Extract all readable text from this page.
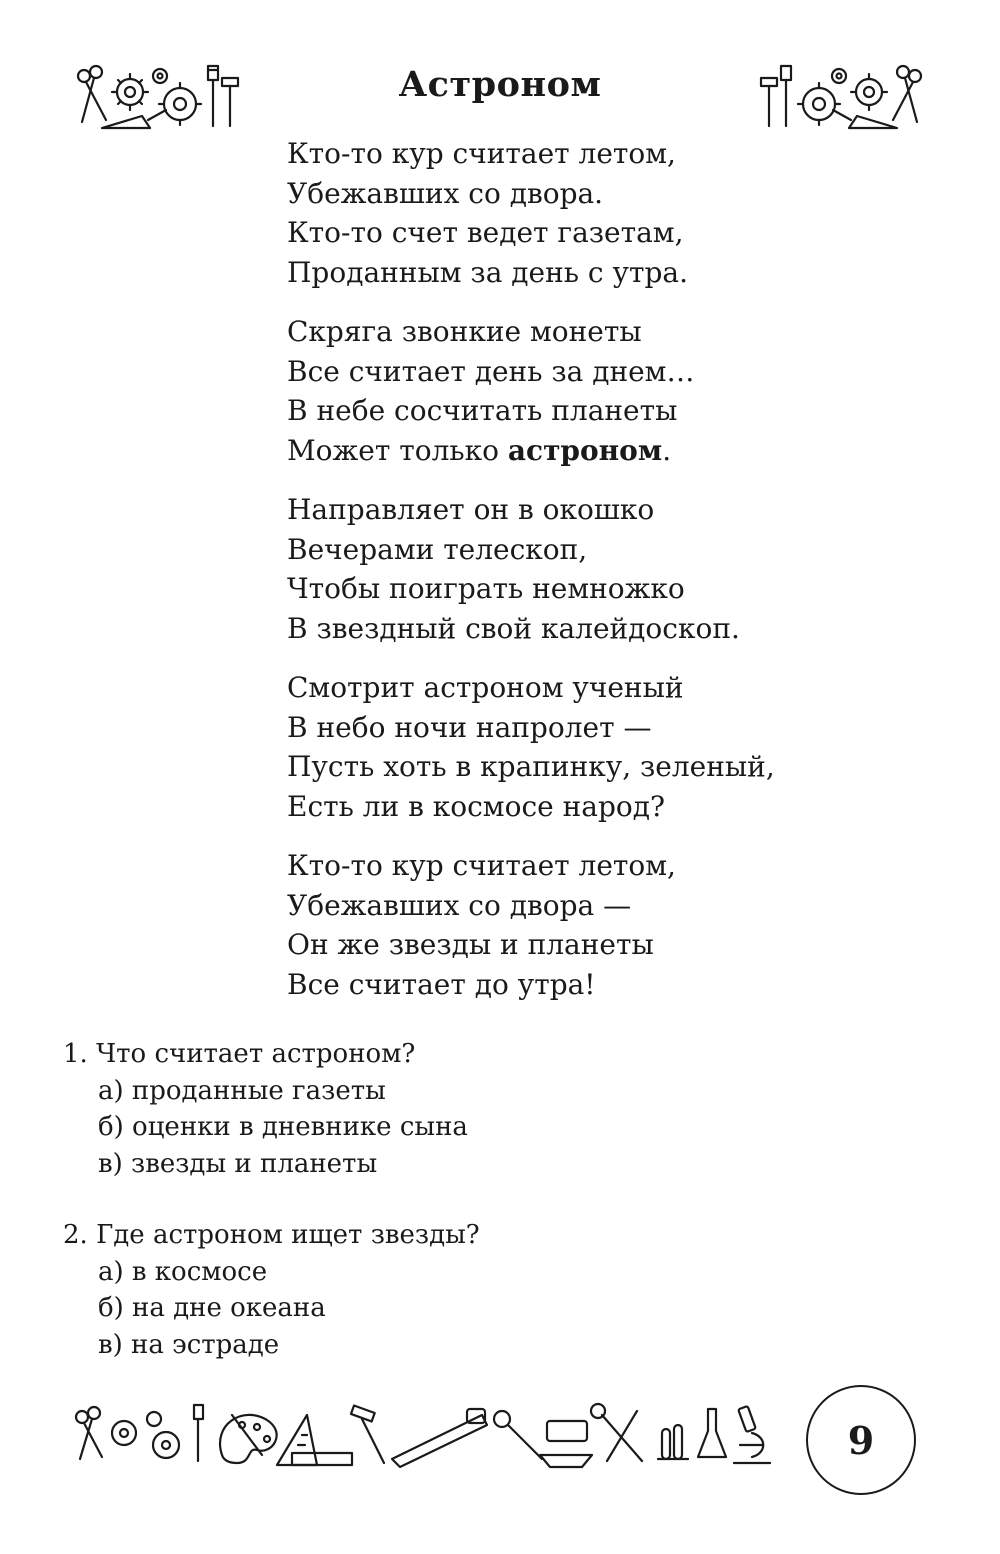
Астроном
Кто-то кур считает летом,
Убежавших со двора.
Кто-то счет ведет газетам,
Проданным за день с утра.
Скряга звонкие монеты
Все считает день за днем…
В небе сосчитать планеты
Может только астроном.
Направляет он в окошко
Вечерами телескоп,
Чтобы поиграть немножко
В звездный свой калейдоскоп.
Смотрит астроном ученый
В небо ночи напролет —
Пусть хоть в крапинку, зеленый,
Есть ли в космосе народ?
Кто-то кур считает летом,
Убежавших со двора —
Он же звезды и планеты
Все считает до утра!
1. Что считает астроном?
а) проданные газеты
б) оценки в дневнике сына
в) звезды и планеты
2. Где астроном ищет звезды?
а) в космосе
б) на дне океана
в) на эстраде
9
